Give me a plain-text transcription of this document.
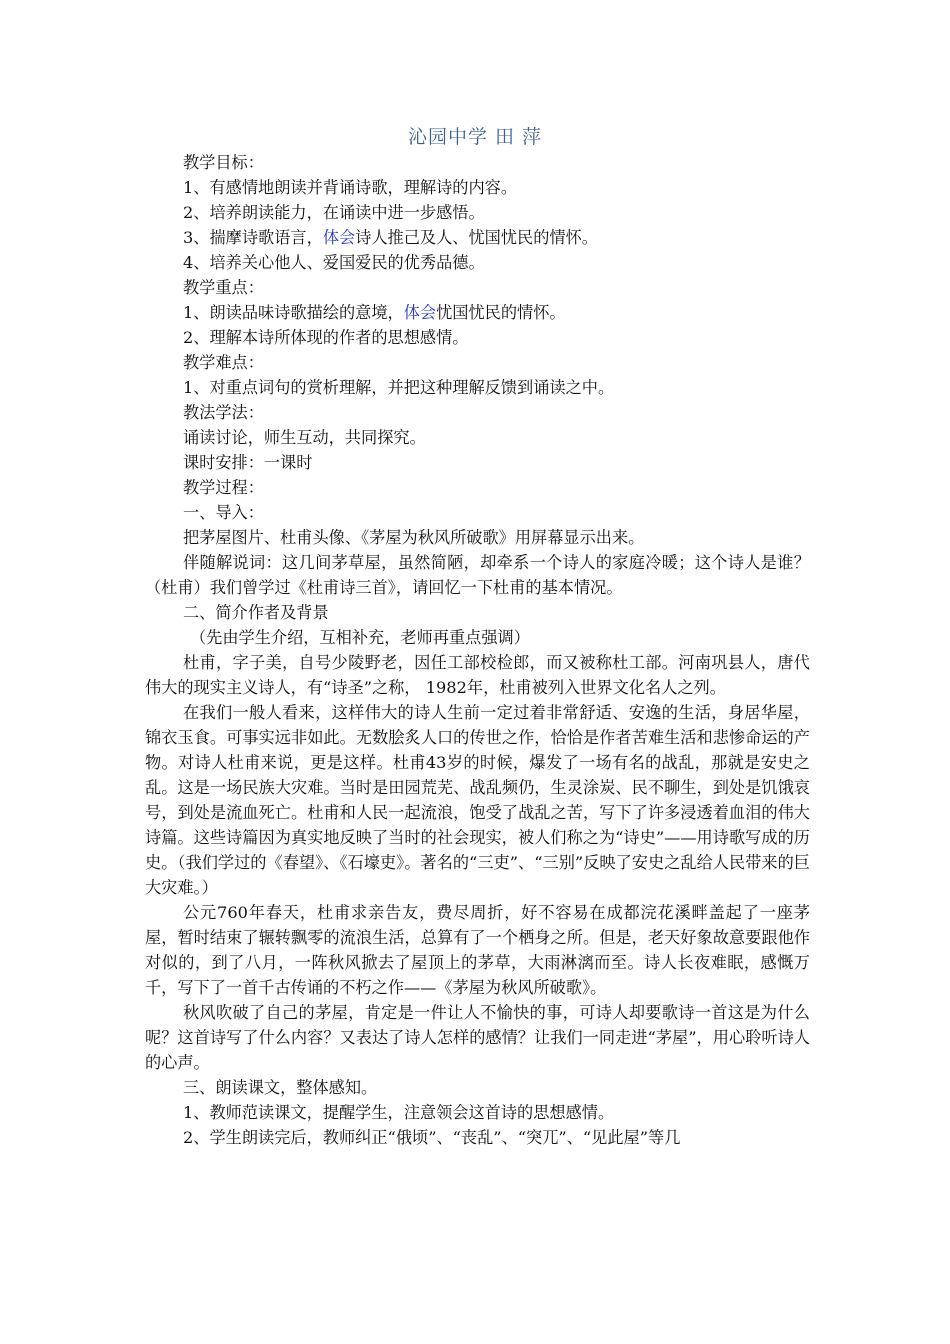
沁园中学 田 萍

教学目标：

1、有感情地朗读并背诵诗歌，理解诗的内容。

2、培养朗读能力，在诵读中进一步感悟。

3、揣摩诗歌语言，体会诗人推己及人、忧国忧民的情怀。

4、培养关心他人、爱国爱民的优秀品德。

教学重点：

1、朗读品味诗歌描绘的意境，体会忧国忧民的情怀。

2、理解本诗所体现的作者的思想感情。

教学难点：

1、对重点词句的赏析理解，并把这种理解反馈到诵读之中。

教法学法：

诵读讨论，师生互动，共同探究。

课时安排：一课时

教学过程：

一、导入：

把茅屋图片、杜甫头像、《茅屋为秋风所破歌》用屏幕显示出来。

伴随解说词：这几间茅草屋，虽然简陋，却牵系一个诗人的家庭冷暖；这个诗人是谁？（杜甫）我们曾学过《杜甫诗三首》，请回忆一下杜甫的基本情况。

二、简介作者及背景

（先由学生介绍，互相补充，老师再重点强调）

杜甫，字子美，自号少陵野老，因任工部校检郎，而又被称杜工部。河南巩县人，唐代伟大的现实主义诗人，有“诗圣”之称， 1982年，杜甫被列入世界文化名人之列。

在我们一般人看来，这样伟大的诗人生前一定过着非常舒适、安逸的生活，身居华屋，锦衣玉食。可事实远非如此。无数脍炙人口的传世之作，恰恰是作者苦难生活和悲惨命运的产物。对诗人杜甫来说，更是这样。杜甫43岁的时候，爆发了一场有名的战乱，那就是安史之乱。这是一场民族大灾难。当时是田园荒芜、战乱频仍，生灵涂炭、民不聊生，到处是饥饿哀号，到处是流血死亡。杜甫和人民一起流浪，饱受了战乱之苦，写下了许多浸透着血泪的伟大诗篇。这些诗篇因为真实地反映了当时的社会现实，被人们称之为“诗史”——用诗歌写成的历史。（我们学过的《春望》、《石壕吏》。著名的“三吏”、“三别”反映了安史之乱给人民带来的巨大灾难。）

公元760年春天，杜甫求亲告友，费尽周折，好不容易在成都浣花溪畔盖起了一座茅屋，暂时结束了辗转飘零的流浪生活，总算有了一个栖身之所。但是，老天好象故意要跟他作对似的，到了八月，一阵秋风掀去了屋顶上的茅草，大雨淋漓而至。诗人长夜难眠，感慨万千，写下了一首千古传诵的不朽之作——《茅屋为秋风所破歌》。

秋风吹破了自己的茅屋，肯定是一件让人不愉快的事，可诗人却要歌诗一首这是为什么呢？这首诗写了什么内容？又表达了诗人怎样的感情？让我们一同走进“茅屋”，用心聆听诗人的心声。

三、朗读课文，整体感知。

1、教师范读课文，提醒学生，注意领会这首诗的思想感情。

2、学生朗读完后，教师纠正“俄顷”、“丧乱”、“突兀”、“见此屋”等几
